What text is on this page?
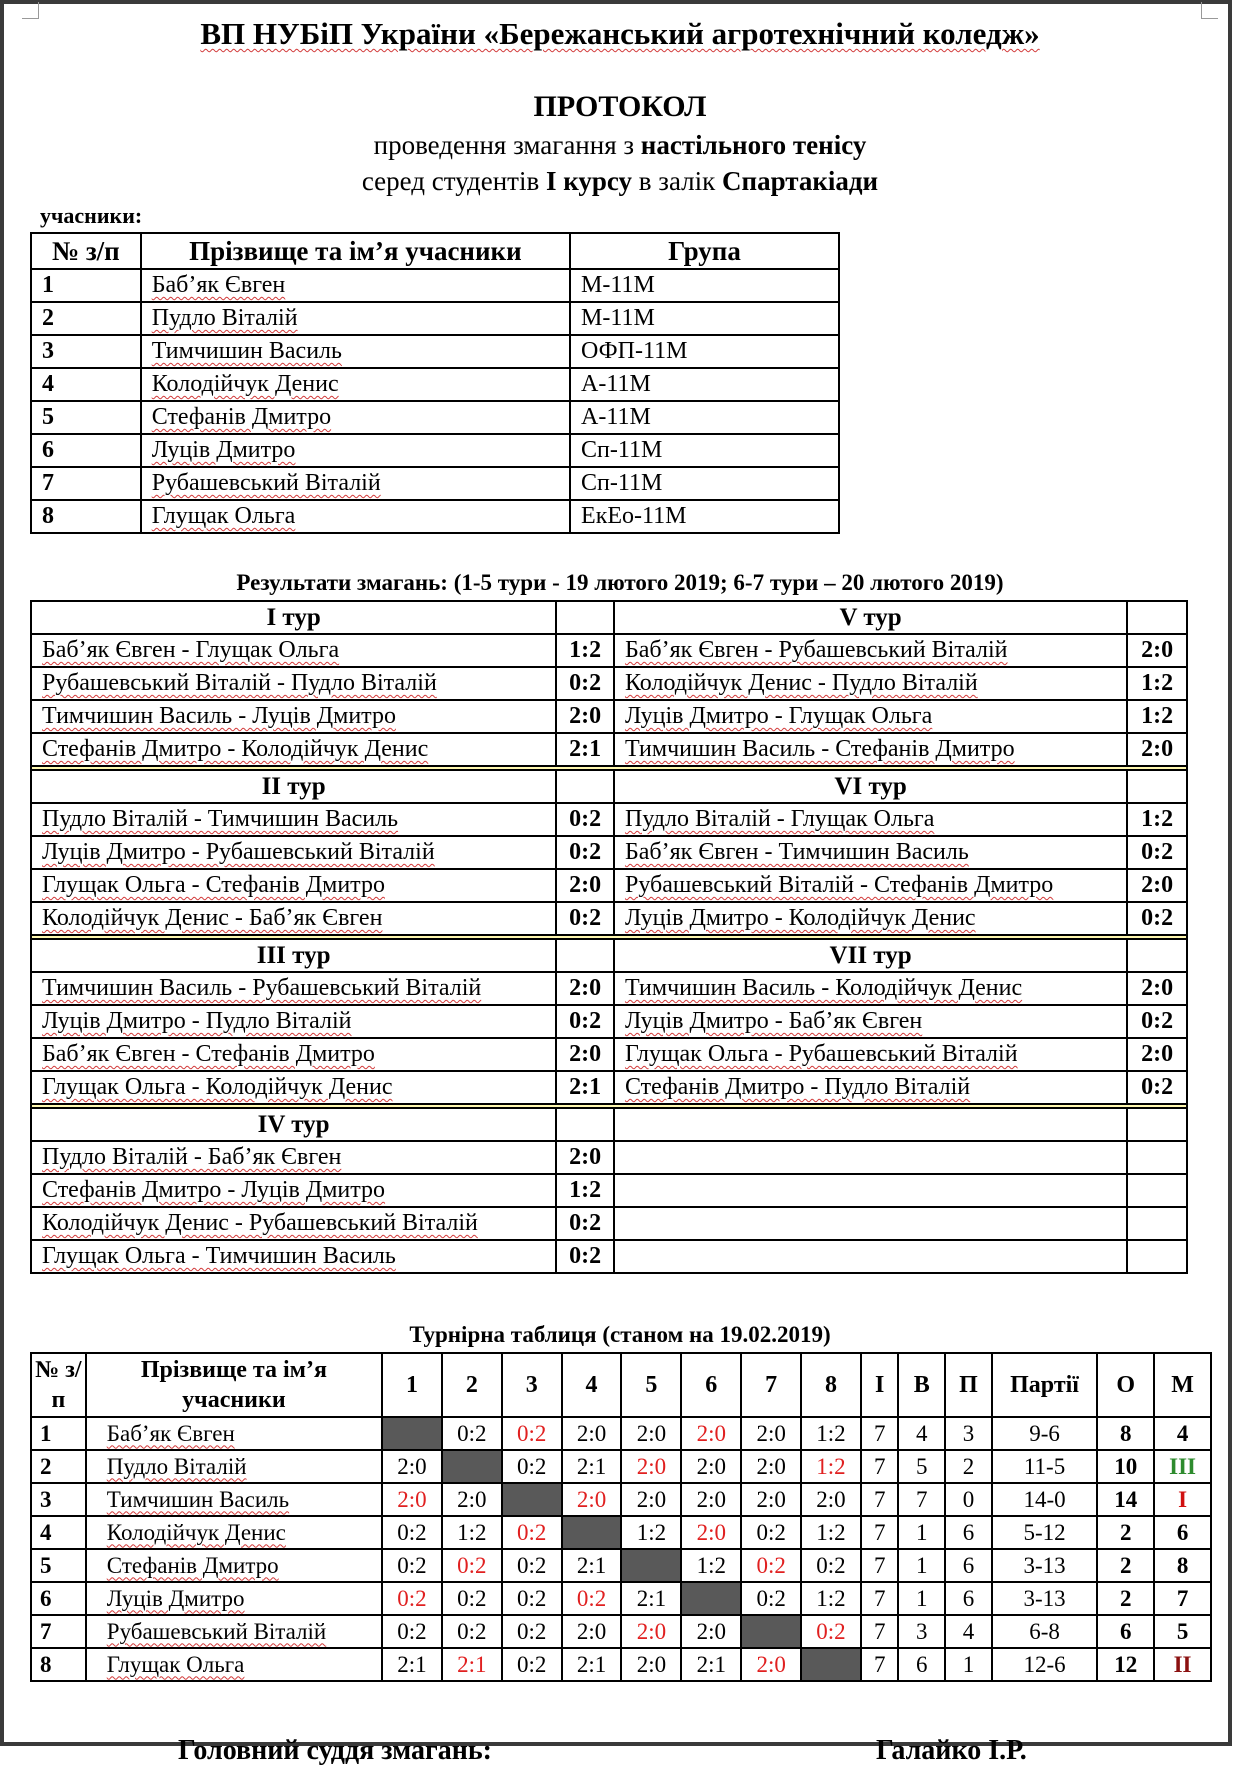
ВП НУБіП України «Бережанський агротехнічний коледж»
ПРОТОКОЛ
проведення змагання з настільного тенісу
серед студентів І курсу в залік Спартакіади
учасники:
№ з/п	Прізвище та ім’я учасники	Група
1	Баб’як Євген	М-11М
2	Пудло Віталій	М-11М
3	Тимчишин Василь	ОФП-11М
4	Колодійчук Денис	А-11М
5	Стефанів Дмитро	А-11М
6	Луців Дмитро	Сп-11М
7	Рубашевський Віталій	Сп-11М
8	Глущак Ольга	ЕкЕо-11М
Результати змагань: (1-5 тури - 19 лютого 2019; 6-7 тури – 20 лютого 2019)
І тур		V тур	
Баб’як Євген - Глущак Ольга	1:2	Баб’як Євген - Рубашевський Віталій	2:0
Рубашевський Віталій - Пудло Віталій	0:2	Колодійчук Денис - Пудло Віталій	1:2
Тимчишин Василь - Луців Дмитро	2:0	Луців Дмитро - Глущак Ольга	1:2
Стефанів Дмитро - Колодійчук Денис	2:1	Тимчишин Василь - Стефанів Дмитро	2:0

ІІ тур		VІ тур	
Пудло Віталій - Тимчишин Василь	0:2	Пудло Віталій - Глущак Ольга	1:2
Луців Дмитро - Рубашевський Віталій	0:2	Баб’як Євген - Тимчишин Василь	0:2
Глущак Ольга - Стефанів Дмитро	2:0	Рубашевський Віталій - Стефанів Дмитро	2:0
Колодійчук Денис - Баб’як Євген	0:2	Луців Дмитро - Колодійчук Денис	0:2

ІІІ тур		VІІ тур	
Тимчишин Василь - Рубашевський Віталій	2:0	Тимчишин Василь - Колодійчук Денис	2:0
Луців Дмитро - Пудло Віталій	0:2	Луців Дмитро - Баб’як Євген	0:2
Баб’як Євген - Стефанів Дмитро	2:0	Глущак Ольга - Рубашевський Віталій	2:0
Глущак Ольга - Колодійчук Денис	2:1	Стефанів Дмитро - Пудло Віталій	0:2

ІV тур			
Пудло Віталій - Баб’як Євген	2:0		
Стефанів Дмитро - Луців Дмитро	1:2		
Колодійчук Денис - Рубашевський Віталій	0:2		
Глущак Ольга - Тимчишин Василь	0:2		
Турнірна таблиця (станом на 19.02.2019)
№ з/п	Прізвище та ім’я учасники	1	2	3	4	5	6	7	8	І	В	П	Партії	О	М
1	Баб’як Євген		0:2	0:2	2:0	2:0	2:0	2:0	1:2	7	4	3	9-6	8	4
2	Пудло Віталій	2:0		0:2	2:1	2:0	2:0	2:0	1:2	7	5	2	11-5	10	ІІІ
3	Тимчишин Василь	2:0	2:0		2:0	2:0	2:0	2:0	2:0	7	7	0	14-0	14	І
4	Колодійчук Денис	0:2	1:2	0:2		1:2	2:0	0:2	1:2	7	1	6	5-12	2	6
5	Стефанів Дмитро	0:2	0:2	0:2	2:1		1:2	0:2	0:2	7	1	6	3-13	2	8
6	Луців Дмитро	0:2	0:2	0:2	0:2	2:1		0:2	1:2	7	1	6	3-13	2	7
7	Рубашевський Віталій	0:2	0:2	0:2	2:0	2:0	2:0		0:2	7	3	4	6-8	6	5
8	Глущак Ольга	2:1	2:1	0:2	2:1	2:0	2:1	2:0		7	6	1	12-6	12	ІІ
Головний суддя змагань:	Галайко І.Р.
